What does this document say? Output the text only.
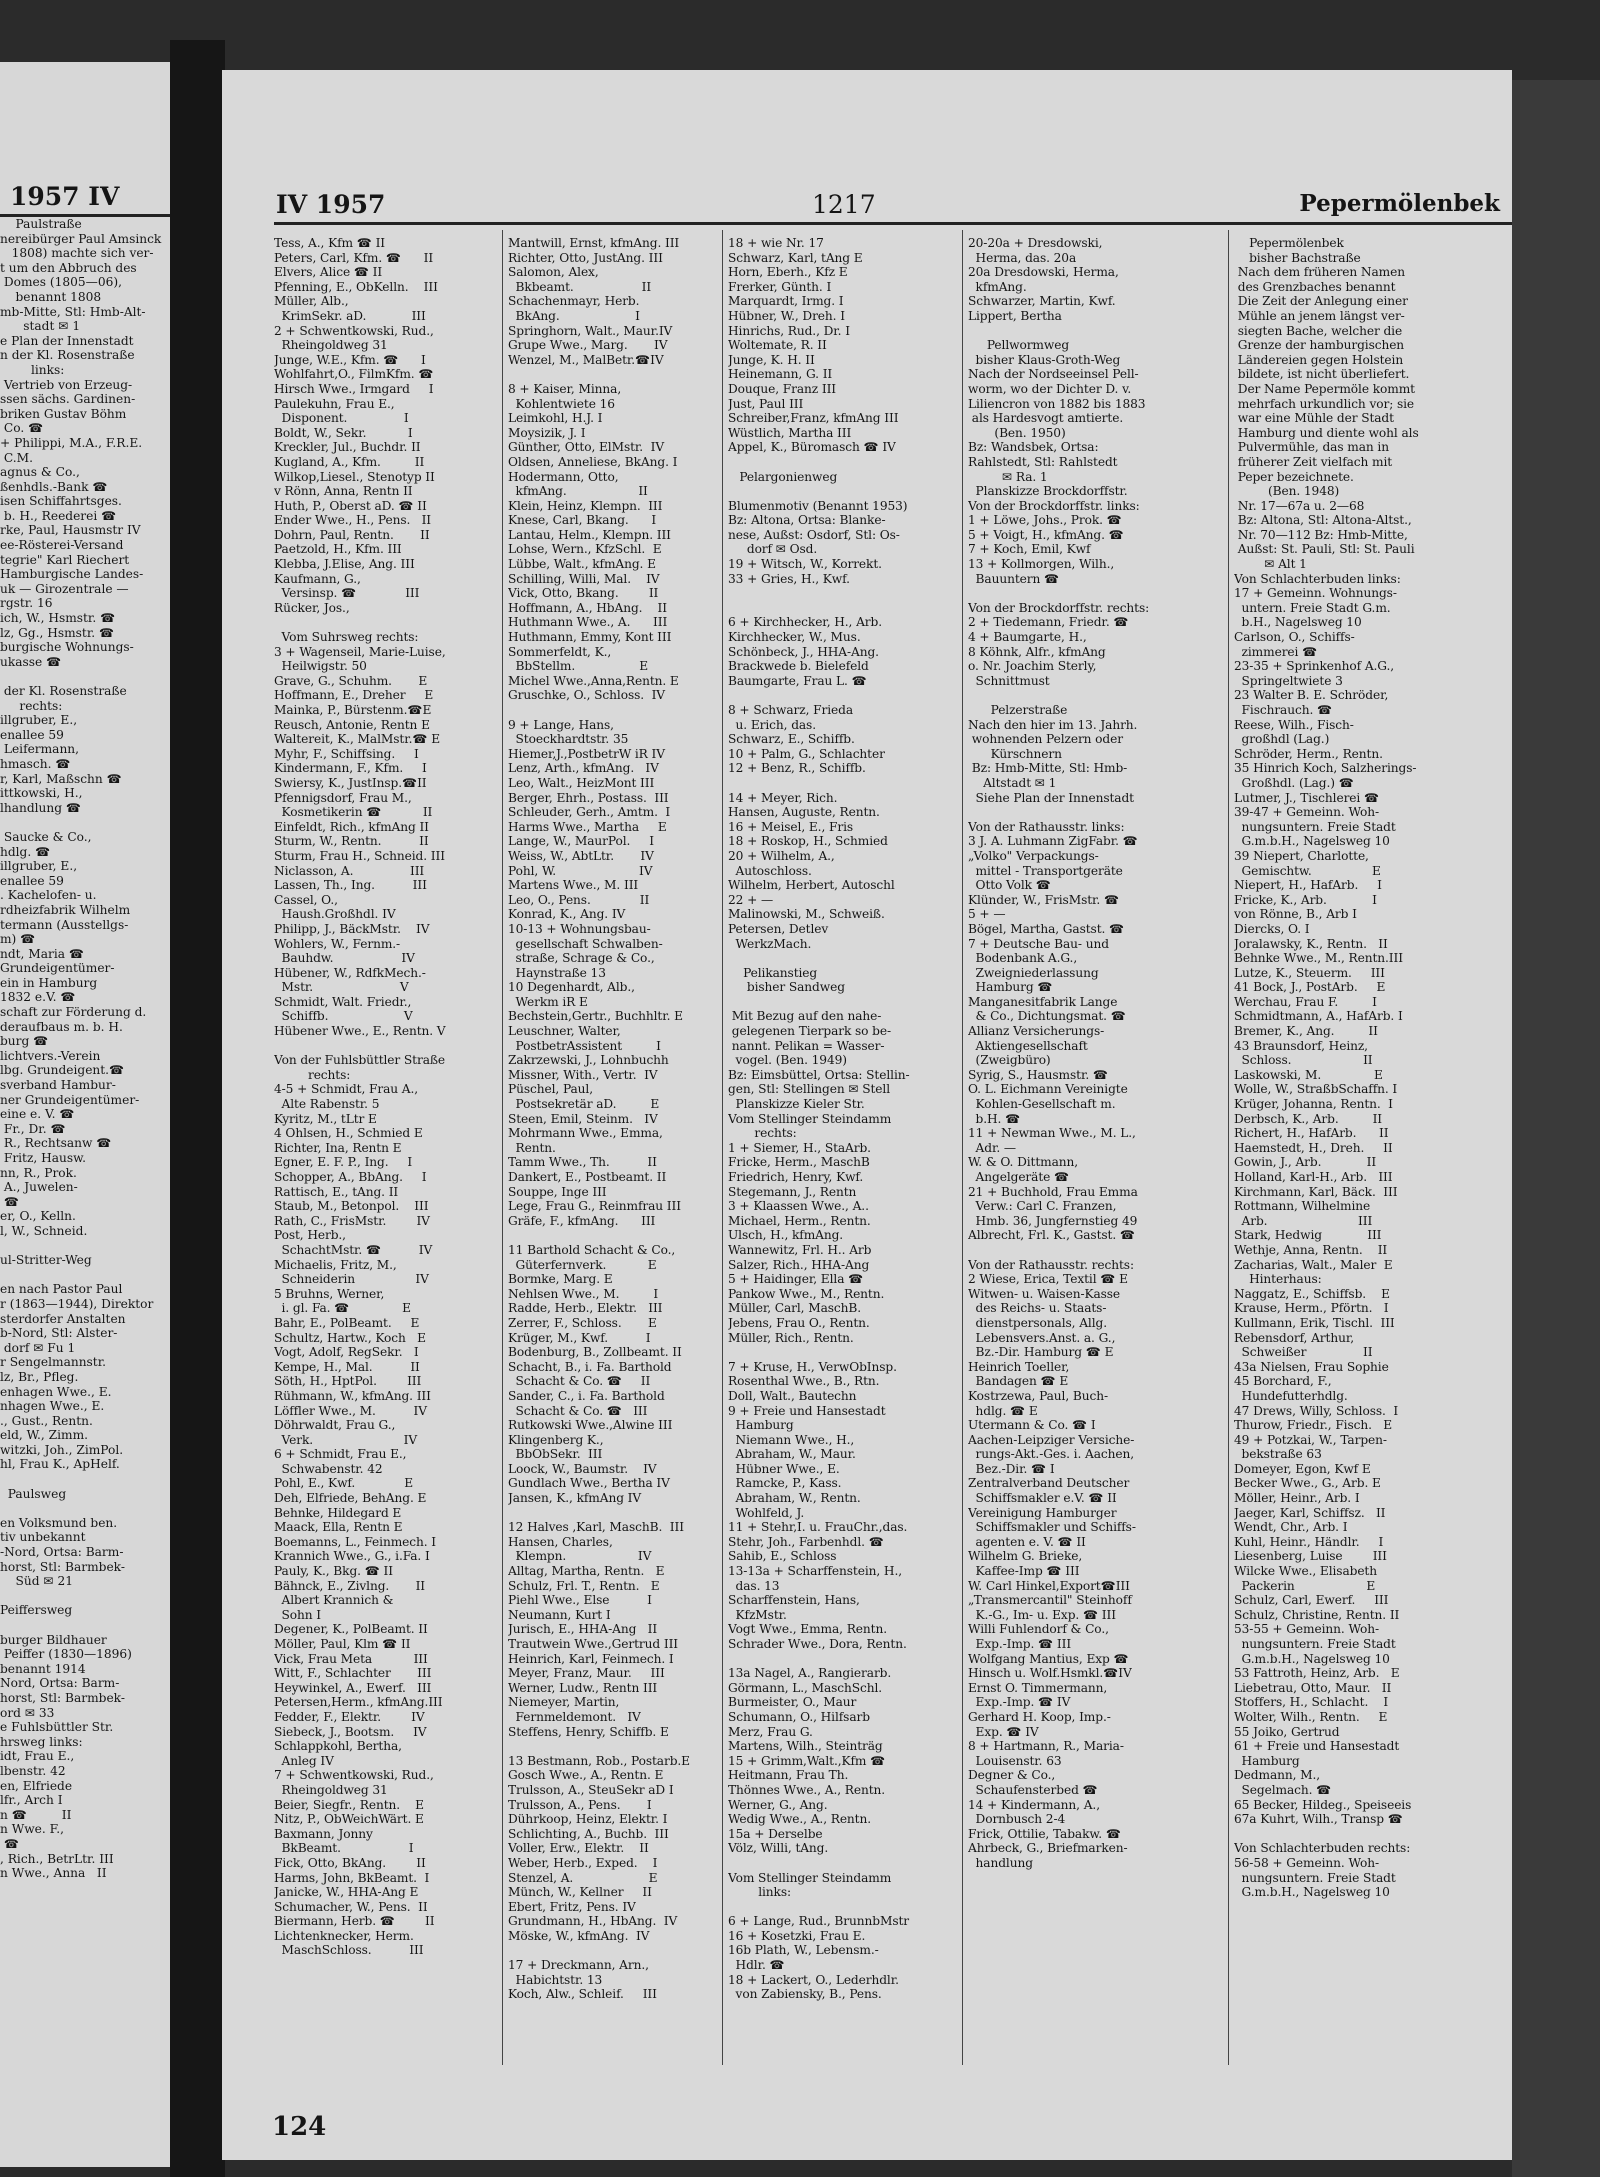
1957 IV
Paulstraße
nereibürger Paul Amsinck
1808) machte sich ver-
t um den Abbruch des
Domes (1805—06),
benannt 1808
mb-Mitte, Stl: Hmb-Alt-
stadt ✉ 1
e Plan der Innenstadt
n der Kl. Rosenstraße
links:
Vertrieb von Erzeug-
ssen sächs. Gardinen-
briken Gustav Böhm
Co. ☎
+ Philippi, M.A., F.R.E.
C.M.
agnus & Co.,
ßenhdls.-Bank ☎
isen Schiffahrtsges.
b. H., Reederei ☎
rke, Paul, Hausmstr IV
ee-Rösterei-Versand
tegrie" Karl Riechert
Hamburgische Landes-
uk — Girozentrale —
rgstr. 16
ich, W., Hsmstr. ☎
lz, Gg., Hsmstr. ☎
burgische Wohnungs-
ukasse ☎

der Kl. Rosenstraße
rechts:
illgruber, E.,
enallee 59
Leifermann,
hmasch. ☎
r, Karl, Maßschn ☎
ittkowski, H.,
lhandlung ☎

Saucke & Co.,
hdlg. ☎
illgruber, E.,
enallee 59
. Kachelofen- u.
rdheizfabrik Wilhelm
termann (Ausstellgs-
m) ☎
ndt, Maria ☎
Grundeigentümer-
ein in Hamburg
1832 e.V. ☎
schaft zur Förderung d.
deraufbaus m. b. H.
burg ☎
lichtvers.-Verein
lbg. Grundeigent.☎
sverband Hambur-
ner Grundeigentümer-
eine e. V. ☎
Fr., Dr. ☎
R., Rechtsanw ☎
Fritz, Hausw.
nn, R., Prok.
A., Juwelen-
☎
er, O., Kelln.
l, W., Schneid.

ul-Stritter-Weg

en nach Pastor Paul
r (1863—1944), Direktor
sterdorfer Anstalten
b-Nord, Stl: Alster-
dorf ✉ Fu 1
r Sengelmannstr.
lz, Br., Pfleg.
enhagen Wwe., E.
nhagen Wwe., E.
., Gust., Rentn.
eld, W., Zimm.
witzki, Joh., ZimPol.
hl, Frau K., ApHelf.

Paulsweg

en Volksmund ben.
tiv unbekannt
-Nord, Ortsa: Barm-
horst, Stl: Barmbek-
Süd ✉ 21

Peiffersweg

burger Bildhauer
Peiffer (1830—1896)
benannt 1914
Nord, Ortsa: Barm-
horst, Stl: Barmbek-
ord ✉ 33
e Fuhlsbüttler Str.
hrsweg links:
idt, Frau E.,
lbenstr. 42
en, Elfriede
lfr., Arch I
n ☎         II
n Wwe. F.,
☎
, Rich., BetrLtr. III
n Wwe., Anna   II
IV 1957	1217	Pepermölenbek
Tess, A., Kfm ☎ II
Peters, Carl, Kfm. ☎      II
Elvers, Alice ☎ II
Pfenning, E., ObKelln.    III
Müller, Alb.,
KrimSekr. aD.            III
2 + Schwentkowski, Rud.,
Rheingoldweg 31
Junge, W.E., Kfm. ☎      I
Wohlfahrt,O., FilmKfm. ☎
Hirsch Wwe., Irmgard     I
Paulekuhn, Frau E.,
Disponent.               I
Boldt, W., Sekr.           I
Kreckler, Jul., Buchdr. II
Kugland, A., Kfm.         II
Wilkop,Liesel., Stenotyp II
v Rönn, Anna, Rentn II
Huth, P., Oberst aD. ☎ II
Ender Wwe., H., Pens.   II
Dohrn, Paul, Rentn.       II
Paetzold, H., Kfm. III
Klebba, J.Elise, Ang. III
Kaufmann, G.,
Versinsp. ☎             III
Rücker, Jos.,

Vom Suhrsweg rechts:
3 + Wagenseil, Marie-Luise,
Heilwigstr. 50
Grave, G., Schuhm.       E
Hoffmann, E., Dreher     E
Mainka, P., Bürstenm.☎E
Reusch, Antonie, Rentn E
Waltereit, K., MalMstr.☎ E
Myhr, F., Schiffsing.     I
Kindermann, F., Kfm.     I
Swiersy, K., JustInsp.☎II
Pfennigsdorf, Frau M.,
Kosmetikerin ☎           II
Einfeldt, Rich., kfmAng II
Sturm, W., Rentn.          II
Sturm, Frau H., Schneid. III
Niclasson, A.               III
Lassen, Th., Ing.          III
Cassel, O.,
Haush.Großhdl. IV
Philipp, J., BäckMstr.    IV
Wohlers, W., Fernm.-
Bauhdw.                  IV
Hübener, W., RdfkMech.-
Mstr.                       V
Schmidt, Walt. Friedr.,
Schiffb.                    V
Hübener Wwe., E., Rentn. V

Von der Fuhlsbüttler Straße
rechts:
4-5 + Schmidt, Frau A.,
Alte Rabenstr. 5
Kyritz, M., tLtr E
4 Ohlsen, H., Schmied E
Richter, Ina, Rentn E
Egner, E. F. P., Ing.     I
Schopper, A., BbAng.     I
Rattisch, E., tAng. II
Staub, M., Betonpol.    III
Rath, C., FrisMstr.        IV
Post, Herb.,
SchachtMstr. ☎          IV
Michaelis, Fritz, M.,
Schneiderin                IV
5 Bruhns, Werner,
i. gl. Fa. ☎              E
Bahr, E., PolBeamt.     E
Schultz, Hartw., Koch   E
Vogt, Adolf, RegSekr.   I
Kempe, H., Mal.          II
Söth, H., HptPol.        III
Rühmann, W., kfmAng. III
Löffler Wwe., M.          IV
Döhrwaldt, Frau G.,
Verk.                        IV
6 + Schmidt, Frau E.,
Schwabenstr. 42
Pohl, E., Kwf.             E
Deh, Elfriede, BehAng. E
Behnke, Hildegard E
Maack, Ella, Rentn E
Boemanns, L., Feinmech. I
Krannich Wwe., G., i.Fa. I
Pauly, K., Bkg. ☎ II
Bähnck, E., Zivlng.       II
Albert Krannich &
Sohn I
Degener, K., PolBeamt. II
Möller, Paul, Klm ☎ II
Vick, Frau Meta           III
Witt, F., Schlachter       III
Heywinkel, A., Ewerf.   III
Petersen,Herm., kfmAng.III
Fedder, F., Elektr.        IV
Siebeck, J., Bootsm.     IV
Schlappkohl, Bertha,
Anleg IV
7 + Schwentkowski, Rud.,
Rheingoldweg 31
Beier, Siegfr., Rentn.    E
Nitz, P., ObWeichWärt. E
Baxmann, Jonny
BkBeamt.                  I
Fick, Otto, BkAng.        II
Harms, John, BkBeamt.  I
Janicke, W., HHA-Ang E
Schumacher, W., Pens.  II
Biermann, Herb. ☎        II
Lichtenknecker, Herm.
MaschSchloss.          III
Mantwill, Ernst, kfmAng. III
Richter, Otto, JustAng. III
Salomon, Alex,
Bkbeamt.                  II
Schachenmayr, Herb.
BkAng.                    I
Springhorn, Walt., Maur.IV
Grupe Wwe., Marg.       IV
Wenzel, M., MalBetr.☎IV

8 + Kaiser, Minna,
Kohlentwiete 16
Leimkohl, H.J. I
Moysizik, J. I
Günther, Otto, ElMstr.  IV
Oldsen, Anneliese, BkAng. I
Hodermann, Otto,
kfmAng.                   II
Klein, Heinz, Klempn.  III
Knese, Carl, Bkang.      I
Lantau, Helm., Klempn. III
Lohse, Wern., KfzSchl.  E
Lübbe, Walt., kfmAng. E
Schilling, Willi, Mal.    IV
Vick, Otto, Bkang.        II
Hoffmann, A., HbAng.    II
Huthmann Wwe., A.      III
Huthmann, Emmy, Kont III
Sommerfeldt, K.,
BbStellm.                 E
Michel Wwe.,Anna,Rentn. E
Gruschke, O., Schloss.  IV

9 + Lange, Hans,
Stoeckhardtstr. 35
Hiemer,J.,PostbetrW iR IV
Lenz, Arth., kfmAng.   IV
Leo, Walt., HeizMont III
Berger, Ehrh., Postass.  III
Schleuder, Gerh., Amtm.  I
Harms Wwe., Martha     E
Lange, W., MaurPol.     I
Weiss, W., AbtLtr.       IV
Pohl, W.                      IV
Martens Wwe., M. III
Leo, O., Pens.             II
Konrad, K., Ang. IV
10-13 + Wohnungsbau-
gesellschaft Schwalben-
straße, Schrage & Co.,
Haynstraße 13
10 Degenhardt, Alb.,
Werkm iR E
Bechstein,Gertr., Buchhltr. E
Leuschner, Walter,
PostbetrAssistent         I
Zakrzewski, J., Lohnbuchh
Missner, With., Vertr.  IV
Püschel, Paul,
Postsekretär aD.         E
Steen, Emil, Steinm.   IV
Mohrmann Wwe., Emma,
Rentn.
Tamm Wwe., Th.          II
Dankert, E., Postbeamt. II
Souppe, Inge III
Lege, Frau G., Reinmfrau III
Gräfe, F., kfmAng.      III

11 Barthold Schacht & Co.,
Güterfernverk.           E
Bormke, Marg. E
Nehlsen Wwe., M.         I
Radde, Herb., Elektr.   III
Zerrer, F., Schloss.       E
Krüger, M., Kwf.          I
Bodenburg, B., Zollbeamt. II
Schacht, B., i. Fa. Barthold
Schacht & Co. ☎     II
Sander, C., i. Fa. Barthold
Schacht & Co. ☎   III
Rutkowski Wwe.,Alwine III
Klingenberg K.,
BbObSekr.  III
Loock, W., Baumstr.    IV
Gundlach Wwe., Bertha IV
Jansen, K., kfmAng IV

12 Halves ,Karl, MaschB.  III
Hansen, Charles,
Klempn.                   IV
Alltag, Martha, Rentn.   E
Schulz, Frl. T., Rentn.   E
Piehl Wwe., Else          I
Neumann, Kurt I
Jurisch, E., HHA-Ang   II
Trautwein Wwe.,Gertrud III
Heinrich, Karl, Feinmech. I
Meyer, Franz, Maur.     III
Werner, Ludw., Rentn III
Niemeyer, Martin,
Fernmeldemont.   IV
Steffens, Henry, Schiffb. E

13 Bestmann, Rob., Postarb.E
Gosch Wwe., A., Rentn. E
Trulsson, A., SteuSekr aD I
Trulsson, A., Pens.       I
Dührkoop, Heinz, Elektr. I
Schlichting, A., Buchb.  III
Voller, Erw., Elektr.    II
Weber, Herb., Exped.    I
Stenzel, A.                    E
Münch, W., Kellner     II
Ebert, Fritz, Pens. IV
Grundmann, H., HbAng.  IV
Möske, W., kfmAng.  IV

17 + Dreckmann, Arn.,
Habichtstr. 13
Koch, Alw., Schleif.     III
18 + wie Nr. 17
Schwarz, Karl, tAng E
Horn, Eberh., Kfz E
Frerker, Günth. I
Marquardt, Irmg. I
Hübner, W., Dreh. I
Hinrichs, Rud., Dr. I
Woltemate, R. II
Junge, K. H. II
Heinemann, G. II
Douque, Franz III
Just, Paul III
Schreiber,Franz, kfmAng III
Wüstlich, Martha III
Appel, K., Büromasch ☎ IV

Pelargonienweg

Blumenmotiv (Benannt 1953)
Bz: Altona, Ortsa: Blanke-
nese, Außst: Osdorf, Stl: Os-
dorf ✉ Osd.
19 + Witsch, W., Korrekt.
33 + Gries, H., Kwf.

6 + Kirchhecker, H., Arb.
Kirchhecker, W., Mus.
Schönbeck, J., HHA-Ang.
Brackwede b. Bielefeld
Baumgarte, Frau L. ☎

8 + Schwarz, Frieda
u. Erich, das.
Schwarz, E., Schiffb.
10 + Palm, G., Schlachter
12 + Benz, R., Schiffb.

14 + Meyer, Rich.
Hansen, Auguste, Rentn.
16 + Meisel, E., Fris
18 + Roskop, H., Schmied
20 + Wilhelm, A.,
Autoschloss.
Wilhelm, Herbert, Autoschl
22 + —
Malinowski, M., Schweiß.
Petersen, Detlev
WerkzMach.

Pelikanstieg
bisher Sandweg

Mit Bezug auf den nahe-
gelegenen Tierpark so be-
nannt. Pelikan = Wasser-
vogel. (Ben. 1949)
Bz: Eimsbüttel, Ortsa: Stellin-
gen, Stl: Stellingen ✉ Stell
Planskizze Kieler Str.
Vom Stellinger Steindamm
rechts:
1 + Siemer, H., StaArb.
Fricke, Herm., MaschB
Friedrich, Henry, Kwf.
Stegemann, J., Rentn
3 + Klaassen Wwe., A..
Michael, Herm., Rentn.
Ulsch, H., kfmAng.
Wannewitz, Frl. H.. Arb
Salzer, Rich., HHA-Ang
5 + Haidinger, Ella ☎
Pankow Wwe., M., Rentn.
Müller, Carl, MaschB.
Jebens, Frau O., Rentn.
Müller, Rich., Rentn.

7 + Kruse, H., VerwObInsp.
Rosenthal Wwe., B., Rtn.
Doll, Walt., Bautechn
9 + Freie und Hansestadt
Hamburg
Niemann Wwe., H.,
Abraham, W., Maur.
Hübner Wwe., E.
Ramcke, P., Kass.
Abraham, W., Rentn.
Wohlfeld, J.
11 + Stehr,I. u. FrauChr.,das.
Stehr, Joh., Farbenhdl. ☎
Sahib, E., Schloss
13-13a + Scharffenstein, H.,
das. 13
Scharffenstein, Hans,
KfzMstr.
Vogt Wwe., Emma, Rentn.
Schrader Wwe., Dora, Rentn.

13a Nagel, A., Rangierarb.
Görmann, L., MaschSchl.
Burmeister, O., Maur
Schumann, O., Hilfsarb
Merz, Frau G.
Martens, Wilh., Steinträg
15 + Grimm,Walt.,Kfm ☎
Heitmann, Frau Th.
Thönnes Wwe., A., Rentn.
Werner, G., Ang.
Wedig Wwe., A., Rentn.
15a + Derselbe
Völz, Willi, tAng.

Vom Stellinger Steindamm
links:

6 + Lange, Rud., BrunnbMstr
16 + Kosetzki, Frau E.
16b Plath, W., Lebensm.-
Hdlr. ☎
18 + Lackert, O., Lederhdlr.
von Zabiensky, B., Pens.
20-20a + Dresdowski,
Herma, das. 20a
20a Dresdowski, Herma,
kfmAng.
Schwarzer, Martin, Kwf.
Lippert, Bertha

Pellwormweg
bisher Klaus-Groth-Weg
Nach der Nordseeinsel Pell-
worm, wo der Dichter D. v.
Liliencron von 1882 bis 1883
als Hardesvogt amtierte.
(Ben. 1950)
Bz: Wandsbek, Ortsa:
Rahlstedt, Stl: Rahlstedt
✉ Ra. 1
Planskizze Brockdorffstr.
Von der Brockdorffstr. links:
1 + Löwe, Johs., Prok. ☎
5 + Voigt, H., kfmAng. ☎
7 + Koch, Emil, Kwf
13 + Kollmorgen, Wilh.,
Bauuntern ☎

Von der Brockdorffstr. rechts:
2 + Tiedemann, Friedr. ☎
4 + Baumgarte, H.,
8 Köhnk, Alfr., kfmAng
o. Nr. Joachim Sterly,
Schnittmust

Pelzerstraße
Nach den hier im 13. Jahrh.
wohnenden Pelzern oder
Kürschnern
Bz: Hmb-Mitte, Stl: Hmb-
Altstadt ✉ 1
Siehe Plan der Innenstadt

Von der Rathausstr. links:
3 J. A. Luhmann ZigFabr. ☎
„Volko" Verpackungs-
mittel - Transportgeräte
Otto Volk ☎
Klünder, W., FrisMstr. ☎
5 + —
Bögel, Martha, Gastst. ☎
7 + Deutsche Bau- und
Bodenbank A.G.,
Zweigniederlassung
Hamburg ☎
Manganesitfabrik Lange
& Co., Dichtungsmat. ☎
Allianz Versicherungs-
Aktiengesellschaft
(Zweigbüro)
Syrig, S., Hausmstr. ☎
O. L. Eichmann Vereinigte
Kohlen-Gesellschaft m.
b.H. ☎
11 + Newman Wwe., M. L.,
Adr. —
W. & O. Dittmann,
Angelgeräte ☎
21 + Buchhold, Frau Emma
Verw.: Carl C. Franzen,
Hmb. 36, Jungfernstieg 49
Albrecht, Frl. K., Gastst. ☎

Von der Rathausstr. rechts:
2 Wiese, Erica, Textil ☎ E
Witwen- u. Waisen-Kasse
des Reichs- u. Staats-
dienstpersonals, Allg.
Lebensvers.Anst. a. G.,
Bz.-Dir. Hamburg ☎ E
Heinrich Toeller,
Bandagen ☎ E
Kostrzewa, Paul, Buch-
hdlg. ☎ E
Utermann & Co. ☎ I
Aachen-Leipziger Versiche-
rungs-Akt.-Ges. i. Aachen,
Bez.-Dir. ☎ I
Zentralverband Deutscher
Schiffsmakler e.V. ☎ II
Vereinigung Hamburger
Schiffsmakler und Schiffs-
agenten e. V. ☎ II
Wilhelm G. Brieke,
Kaffee-Imp ☎ III
W. Carl Hinkel,Export☎III
„Transmercantil" Steinhoff
K.-G., Im- u. Exp. ☎ III
Willi Fuhlendorf & Co.,
Exp.-Imp. ☎ III
Wolfgang Mantius, Exp ☎
Hinsch u. Wolf.Hsmkl.☎IV
Ernst O. Timmermann,
Exp.-Imp. ☎ IV
Gerhard H. Koop, Imp.-
Exp. ☎ IV
8 + Hartmann, R., Maria-
Louisenstr. 63
Degner & Co.,
Schaufensterbed ☎
14 + Kindermann, A.,
Dornbusch 2-4
Frick, Ottilie, Tabakw. ☎
Ahrbeck, G., Briefmarken-
handlung
Pepermölenbek
bisher Bachstraße
Nach dem früheren Namen
des Grenzbaches benannt
Die Zeit der Anlegung einer
Mühle an jenem längst ver-
siegten Bache, welcher die
Grenze der hamburgischen
Ländereien gegen Holstein
bildete, ist nicht überliefert.
Der Name Pepermöle kommt
mehrfach urkundlich vor; sie
war eine Mühle der Stadt
Hamburg und diente wohl als
Pulvermühle, das man in
früherer Zeit vielfach mit
Peper bezeichnete.
(Ben. 1948)
Nr. 17—67a u. 2—68
Bz: Altona, Stl: Altona-Altst.,
Nr. 70—112 Bz: Hmb-Mitte,
Außst: St. Pauli, Stl: St. Pauli
✉ Alt 1
Von Schlachterbuden links:
17 + Gemeinn. Wohnungs-
untern. Freie Stadt G.m.
b.H., Nagelsweg 10
Carlson, O., Schiffs-
zimmerei ☎
23-35 + Sprinkenhof A.G.,
Springeltwiete 3
23 Walter B. E. Schröder,
Fischrauch. ☎
Reese, Wilh., Fisch-
großhdl (Lag.)
Schröder, Herm., Rentn.
35 Hinrich Koch, Salzherings-
Großhdl. (Lag.) ☎
Lutmer, J., Tischlerei ☎
39-47 + Gemeinn. Woh-
nungsuntern. Freie Stadt
G.m.b.H., Nagelsweg 10
39 Niepert, Charlotte,
Gemischtw.                E
Niepert, H., HafArb.     I
Fricke, K., Arb.            I
von Rönne, B., Arb I
Diercks, O. I
Joralawsky, K., Rentn.   II
Behnke Wwe., M., Rentn.III
Lutze, K., Steuerm.     III
41 Bock, J., PostArb.     E
Werchau, Frau F.         I
Schmidtmann, A., HafArb. I
Bremer, K., Ang.         II
43 Braunsdorf, Heinz,
Schloss.                   II
Laskowski, M.              E
Wolle, W., StraßbSchaffn. I
Krüger, Johanna, Rentn.  I
Derbsch, K., Arb.         II
Richert, H., HafArb.      II
Haemstedt, H., Dreh.     II
Gowin, J., Arb.            II
Holland, Karl-H., Arb.   III
Kirchmann, Karl, Bäck.  III
Rottmann, Wilhelmine
Arb.                        III
Stark, Hedwig            III
Wethje, Anna, Rentn.    II
Zacharias, Walt., Maler  E
Hinterhaus:
Naggatz, E., Schiffsb.    E
Krause, Herm., Pförtn.   I
Kullmann, Erik, Tischl.  III
Rebensdorf, Arthur,
Schweißer               II
43a Nielsen, Frau Sophie
45 Borchard, F.,
Hundefutterhdlg.
47 Drews, Willy, Schloss.  I
Thurow, Friedr., Fisch.   E
49 + Potzkai, W., Tarpen-
bekstraße 63
Domeyer, Egon, Kwf E
Becker Wwe., G., Arb. E
Möller, Heinr., Arb. I
Jaeger, Karl, Schiffsz.   II
Wendt, Chr., Arb. I
Kuhl, Heinr., Händlr.     I
Liesenberg, Luise        III
Wilcke Wwe., Elisabeth
Packerin                   E
Schulz, Carl, Ewerf.     III
Schulz, Christine, Rentn. II
53-55 + Gemeinn. Woh-
nungsuntern. Freie Stadt
G.m.b.H., Nagelsweg 10
53 Fattroth, Heinz, Arb.   E
Liebetrau, Otto, Maur.   II
Stoffers, H., Schlacht.    I
Wolter, Wilh., Rentn.     E
55 Joiko, Gertrud
61 + Freie und Hansestadt
Hamburg
Dedmann, M.,
Segelmach. ☎
65 Becker, Hildeg., Speiseeis
67a Kuhrt, Wilh., Transp ☎

Von Schlachterbuden rechts:
56-58 + Gemeinn. Woh-
nungsuntern. Freie Stadt
G.m.b.H., Nagelsweg 10
124
